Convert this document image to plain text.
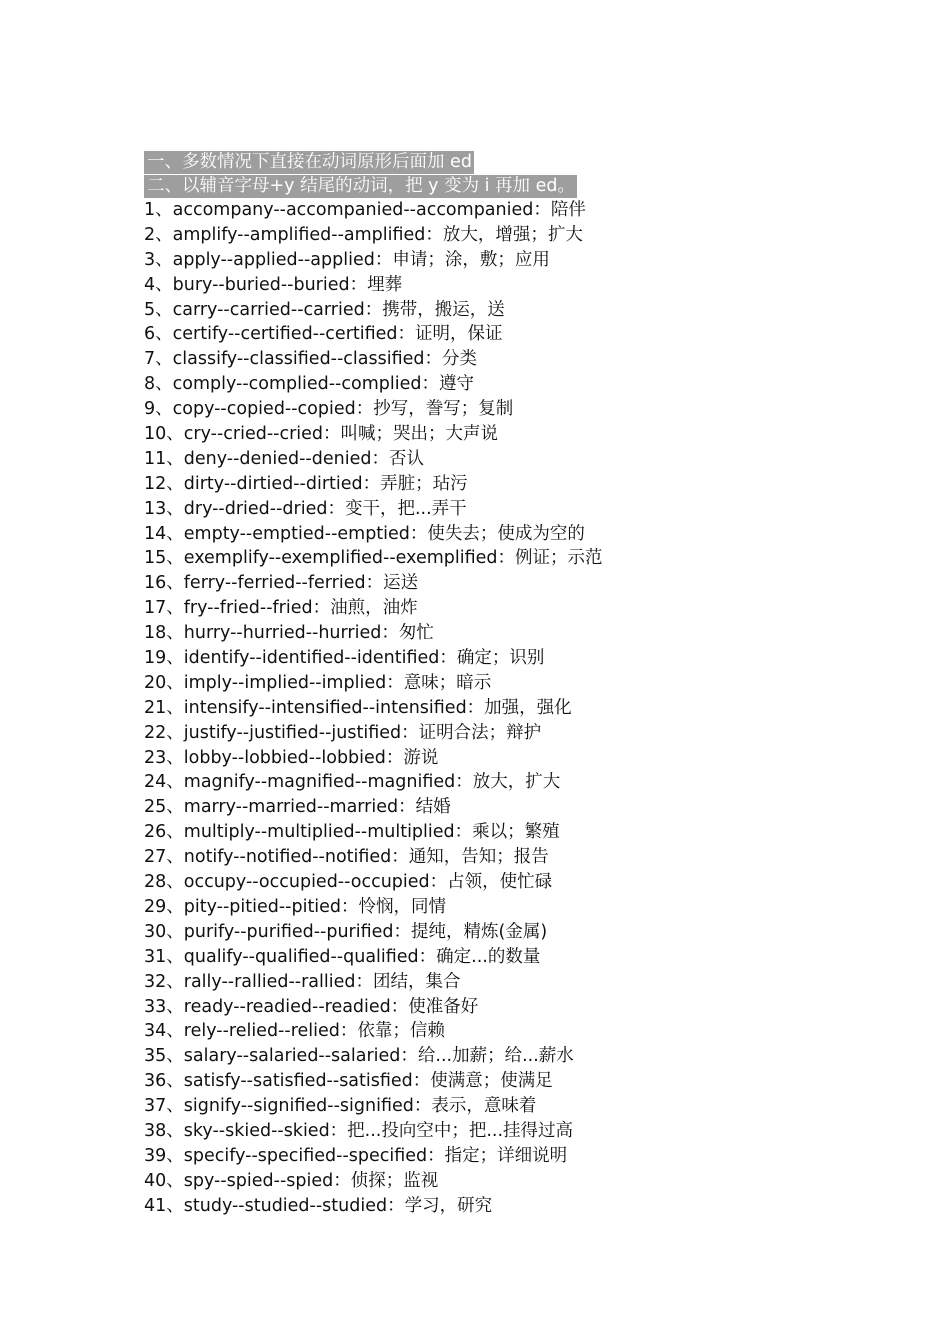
一、多数情况下直接在动词原形后面加 ed
二、以辅音字母+y 结尾的动词，把 y 变为 i 再加 ed。
1、accompany--accompanied--accompanied：陪伴
2、amplify--amplified--amplified：放大，增强；扩大
3、apply--applied--applied：申请；涂，敷；应用
4、bury--buried--buried：埋葬
5、carry--carried--carried：携带，搬运，送
6、certify--certified--certified：证明，保证
7、classify--classified--classified：分类
8、comply--complied--complied：遵守
9、copy--copied--copied：抄写，誊写；复制
10、cry--cried--cried：叫喊；哭出；大声说
11、deny--denied--denied：否认
12、dirty--dirtied--dirtied：弄脏；玷污
13、dry--dried--dried：变干，把...弄干
14、empty--emptied--emptied：使失去；使成为空的
15、exemplify--exemplified--exemplified：例证；示范
16、ferry--ferried--ferried：运送
17、fry--fried--fried：油煎，油炸
18、hurry--hurried--hurried：匆忙
19、identify--identified--identified：确定；识别
20、imply--implied--implied：意味；暗示
21、intensify--intensified--intensified：加强，强化
22、justify--justified--justified：证明合法；辩护
23、lobby--lobbied--lobbied：游说
24、magnify--magnified--magnified：放大，扩大
25、marry--married--married：结婚
26、multiply--multiplied--multiplied：乘以；繁殖
27、notify--notified--notified：通知，告知；报告
28、occupy--occupied--occupied：占领，使忙碌
29、pity--pitied--pitied：怜悯，同情
30、purify--purified--purified：提纯，精炼(金属)
31、qualify--qualified--qualified：确定...的数量
32、rally--rallied--rallied：团结，集合
33、ready--readied--readied：使准备好
34、rely--relied--relied：依靠；信赖
35、salary--salaried--salaried：给...加薪；给...薪水
36、satisfy--satisfied--satisfied：使满意；使满足
37、signify--signified--signified：表示，意味着
38、sky--skied--skied：把...投向空中；把...挂得过高
39、specify--specified--specified：指定；详细说明
40、spy--spied--spied：侦探；监视
41、study--studied--studied：学习，研究
